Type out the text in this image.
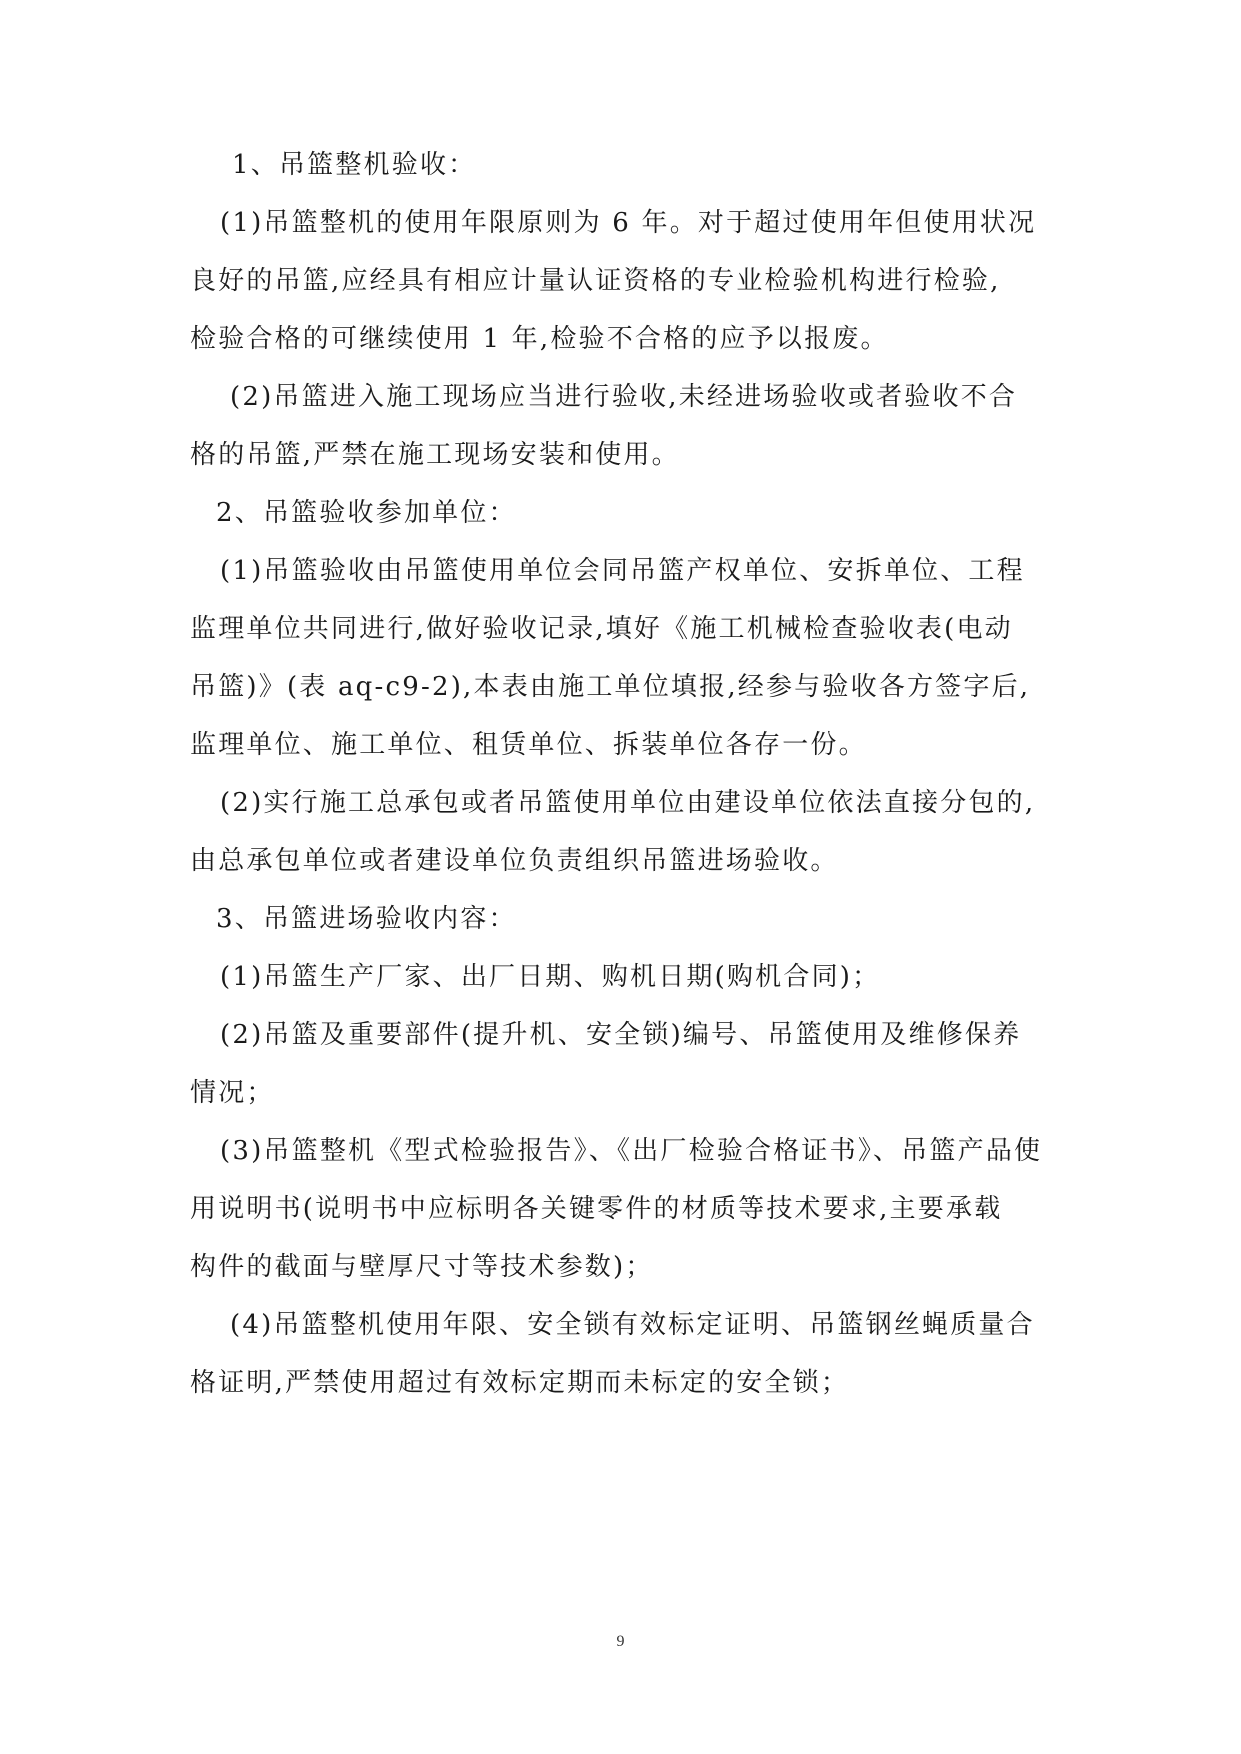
1、吊篮整机验收：
(1)吊篮整机的使用年限原则为 6 年。对于超过使用年但使用状况
良好的吊篮,应经具有相应计量认证资格的专业检验机构进行检验,
检验合格的可继续使用 1 年,检验不合格的应予以报废。
(2)吊篮进入施工现场应当进行验收,未经进场验收或者验收不合
格的吊篮,严禁在施工现场安装和使用。
2、吊篮验收参加单位：
(1)吊篮验收由吊篮使用单位会同吊篮产权单位、安拆单位、工程
监理单位共同进行,做好验收记录,填好《施工机械检查验收表(电动
吊篮)》(表 aq-c9-2),本表由施工单位填报,经参与验收各方签字后,
监理单位、施工单位、租赁单位、拆装单位各存一份。
(2)实行施工总承包或者吊篮使用单位由建设单位依法直接分包的,
由总承包单位或者建设单位负责组织吊篮进场验收。
3、吊篮进场验收内容：
(1)吊篮生产厂家、出厂日期、购机日期(购机合同)；
(2)吊篮及重要部件(提升机、安全锁)编号、吊篮使用及维修保养
情况；
(3)吊篮整机《型式检验报告》、《出厂检验合格证书》、吊篮产品使
用说明书(说明书中应标明各关键零件的材质等技术要求,主要承载
构件的截面与壁厚尺寸等技术参数)；
(4)吊篮整机使用年限、安全锁有效标定证明、吊篮钢丝蝇质量合
格证明,严禁使用超过有效标定期而未标定的安全锁；
9
